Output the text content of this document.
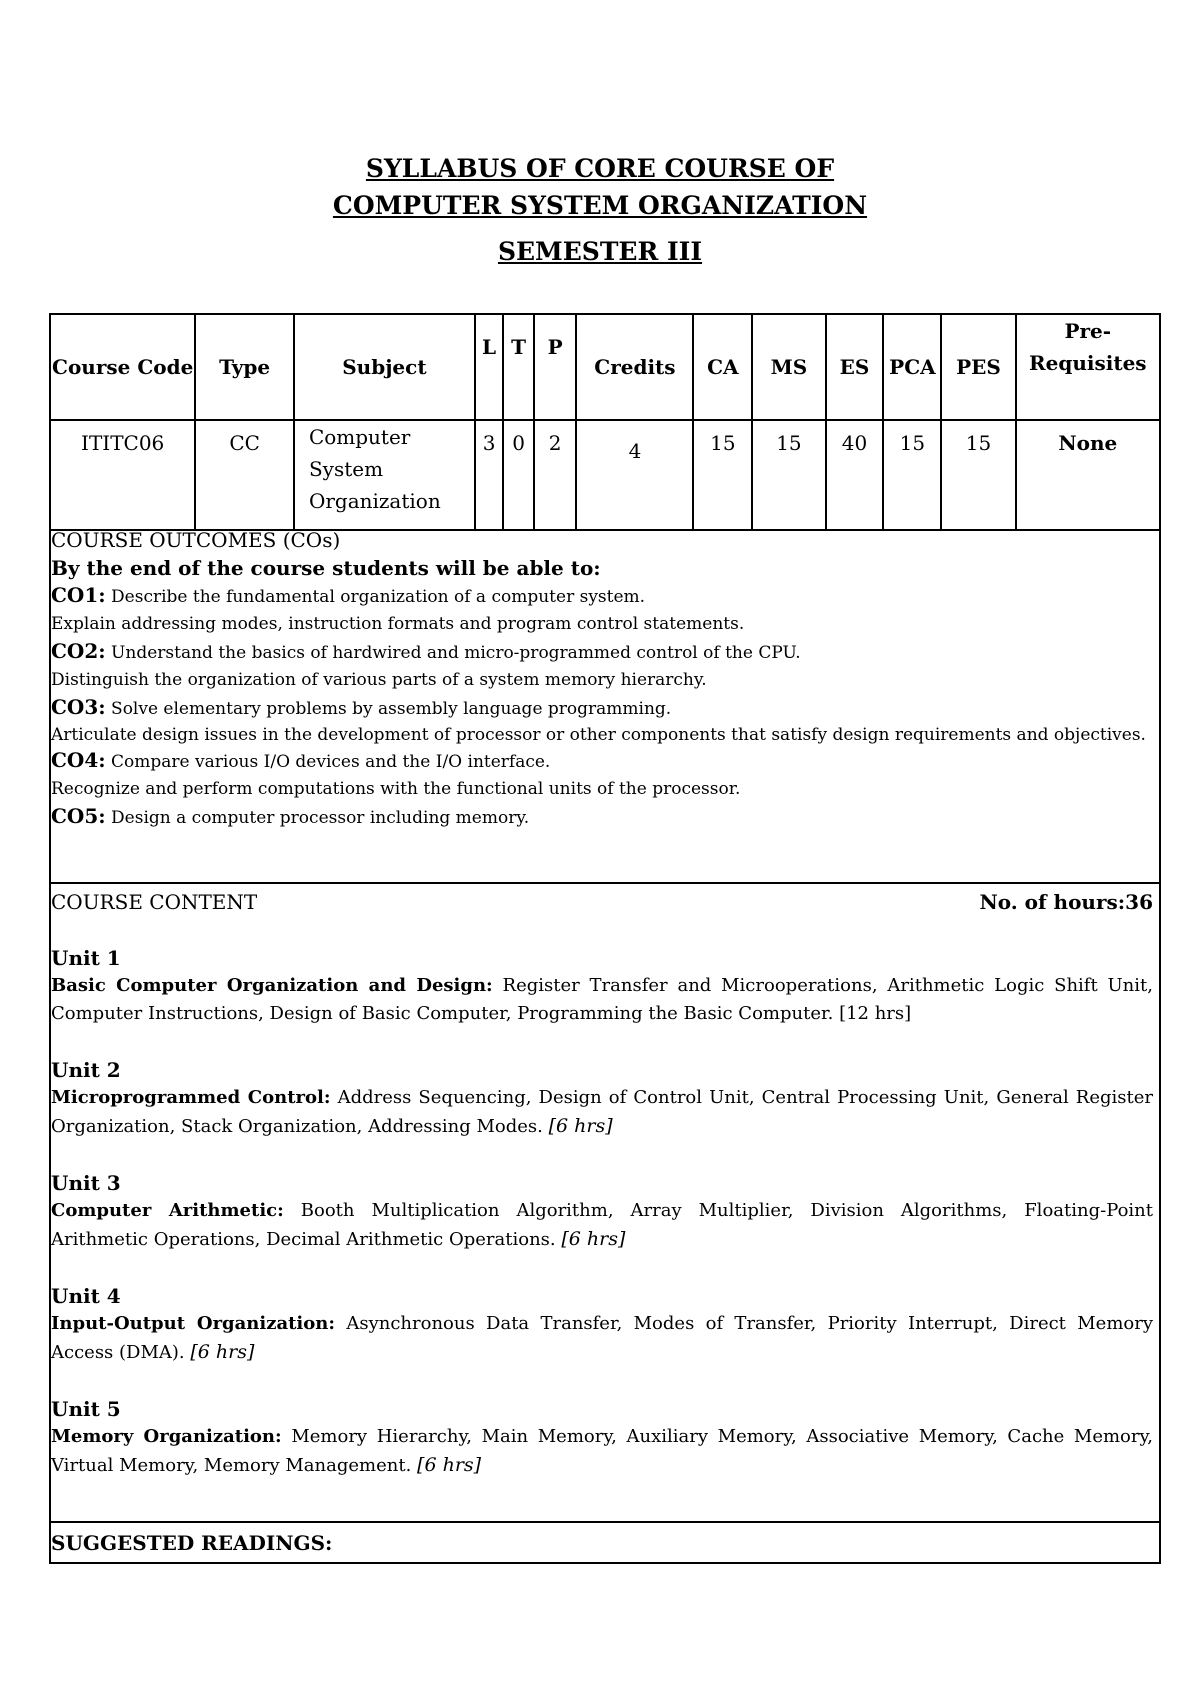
SYLLABUS OF CORE COURSE OF
COMPUTER SYSTEM ORGANIZATION
SEMESTER III
Course Code	Type	Subject	L	T	P	Credits	CA	MS	ES	PCA	PES	Pre-Requisites
ITITC06	CC	Computer System Organization	3	0	2	4	15	15	40	15	15	None
COURSE OUTCOMES (COs)
By the end of the course students will be able to:
CO1: Describe the fundamental organization of a computer system.
Explain addressing modes, instruction formats and program control statements.
CO2: Understand the basics of hardwired and micro-programmed control of the CPU.
Distinguish the organization of various parts of a system memory hierarchy.
CO3: Solve elementary problems by assembly language programming.
Articulate design issues in the development of processor or other components that satisfy design requirements and objectives.
CO4: Compare various I/O devices and the I/O interface.
Recognize and perform computations with the functional units of the processor.
CO5: Design a computer processor including memory.
COURSE CONTENT	No. of hours:36
Unit 1
Basic Computer Organization and Design: Register Transfer and Microoperations, Arithmetic Logic Shift Unit, Computer Instructions, Design of Basic Computer, Programming the Basic Computer. [12 hrs]
Unit 2
Microprogrammed Control: Address Sequencing, Design of Control Unit, Central Processing Unit, General Register Organization, Stack Organization, Addressing Modes. [6 hrs]
Unit 3
Computer Arithmetic: Booth Multiplication Algorithm, Array Multiplier, Division Algorithms, Floating-Point Arithmetic Operations, Decimal Arithmetic Operations. [6 hrs]
Unit 4
Input-Output Organization: Asynchronous Data Transfer, Modes of Transfer, Priority Interrupt, Direct Memory Access (DMA). [6 hrs]
Unit 5
Memory Organization: Memory Hierarchy, Main Memory, Auxiliary Memory, Associative Memory, Cache Memory, Virtual Memory, Memory Management. [6 hrs]
SUGGESTED READINGS:
